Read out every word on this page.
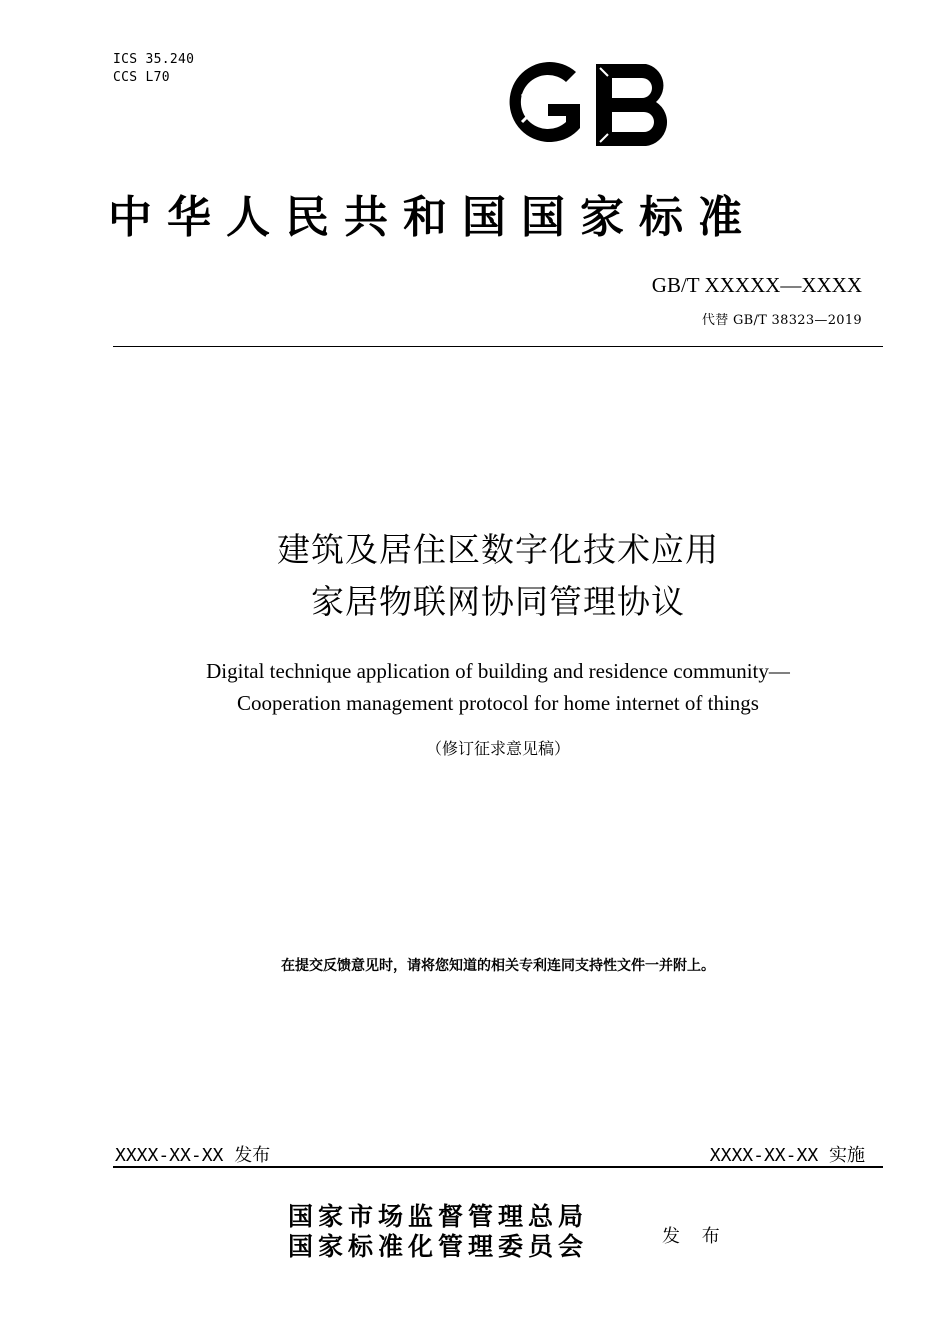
ICS 35.240
CCS L70
中华人民共和国国家标准
GB/T XXXXX—XXXX
代替 GB/T 38323—2019
建筑及居住区数字化技术应用
家居物联网协同管理协议
Digital technique application of building and residence community—
Cooperation management protocol for home internet of things
（修订征求意见稿）
在提交反馈意见时，请将您知道的相关专利连同支持性文件一并附上。
XXXX-XX-XX 发布	XXXX-XX-XX 实施
国家市场监督管理总局
国家标准化管理委员会	发 布
